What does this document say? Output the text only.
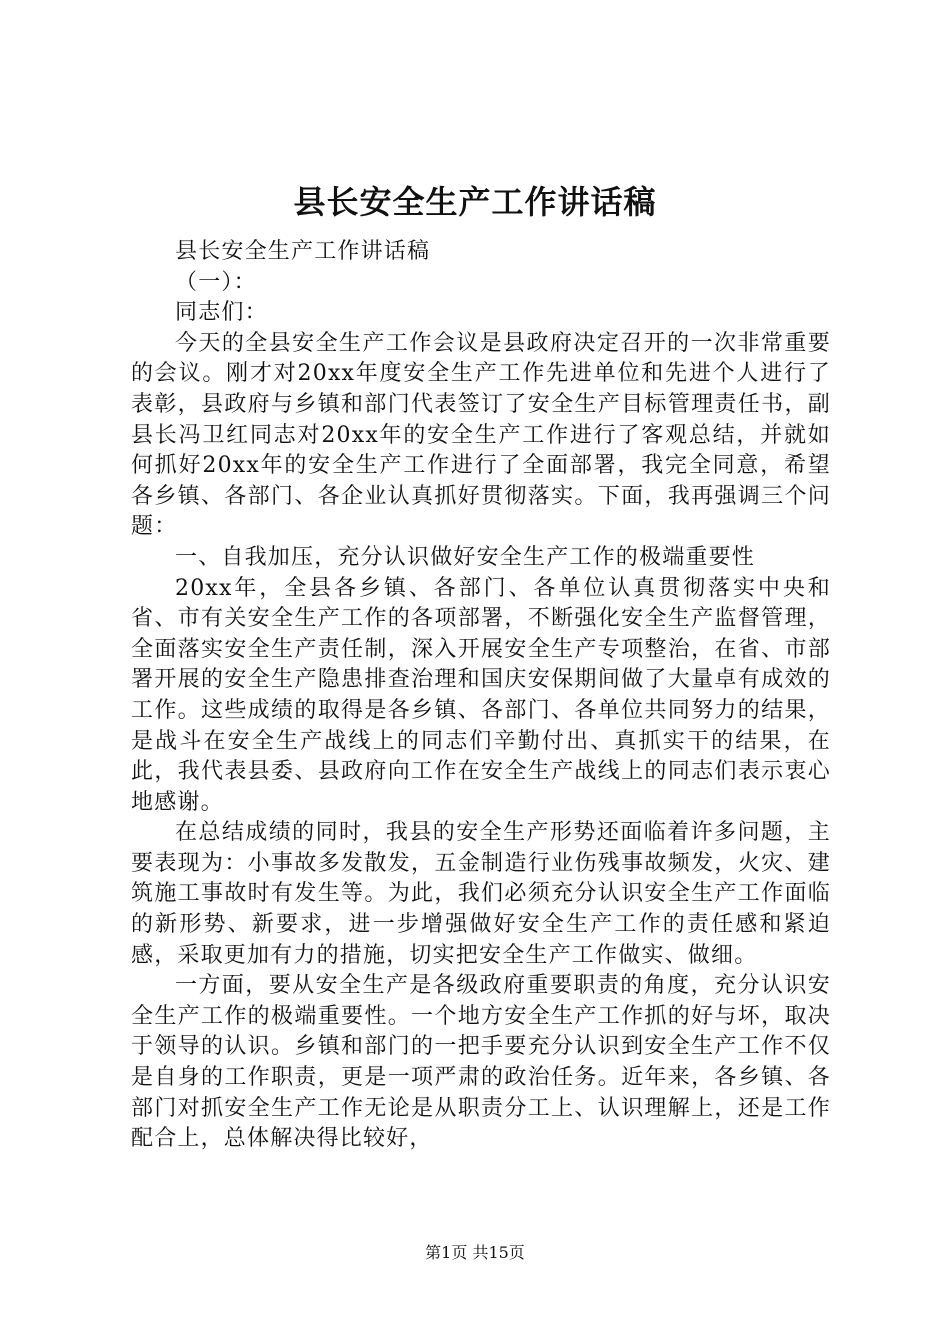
县长安全生产工作讲话稿

县长安全生产工作讲话稿

（一）：

同志们：

今天的全县安全生产工作会议是县政府决定召开的一次非常重要的会议。刚才对20xx年度安全生产工作先进单位和先进个人进行了表彰，县政府与乡镇和部门代表签订了安全生产目标管理责任书，副县长冯卫红同志对20xx年的安全生产工作进行了客观总结，并就如何抓好20xx年的安全生产工作进行了全面部署，我完全同意，希望各乡镇、各部门、各企业认真抓好贯彻落实。下面，我再强调三个问题：

一、自我加压，充分认识做好安全生产工作的极端重要性

20xx年，全县各乡镇、各部门、各单位认真贯彻落实中央和省、市有关安全生产工作的各项部署，不断强化安全生产监督管理，全面落实安全生产责任制，深入开展安全生产专项整治，在省、市部署开展的安全生产隐患排查治理和国庆安保期间做了大量卓有成效的工作。这些成绩的取得是各乡镇、各部门、各单位共同努力的结果，是战斗在安全生产战线上的同志们辛勤付出、真抓实干的结果，在此，我代表县委、县政府向工作在安全生产战线上的同志们表示衷心地感谢。

在总结成绩的同时，我县的安全生产形势还面临着许多问题，主要表现为：小事故多发散发，五金制造行业伤残事故频发，火灾、建筑施工事故时有发生等。为此，我们必须充分认识安全生产工作面临的新形势、新要求，进一步增强做好安全生产工作的责任感和紧迫感，采取更加有力的措施，切实把安全生产工作做实、做细。

一方面，要从安全生产是各级政府重要职责的角度，充分认识安全生产工作的极端重要性。一个地方安全生产工作抓的好与坏，取决于领导的认识。乡镇和部门的一把手要充分认识到安全生产工作不仅是自身的工作职责，更是一项严肃的政治任务。近年来，各乡镇、各部门对抓安全生产工作无论是从职责分工上、认识理解上，还是工作配合上，总体解决得比较好，

第1页 共15页
